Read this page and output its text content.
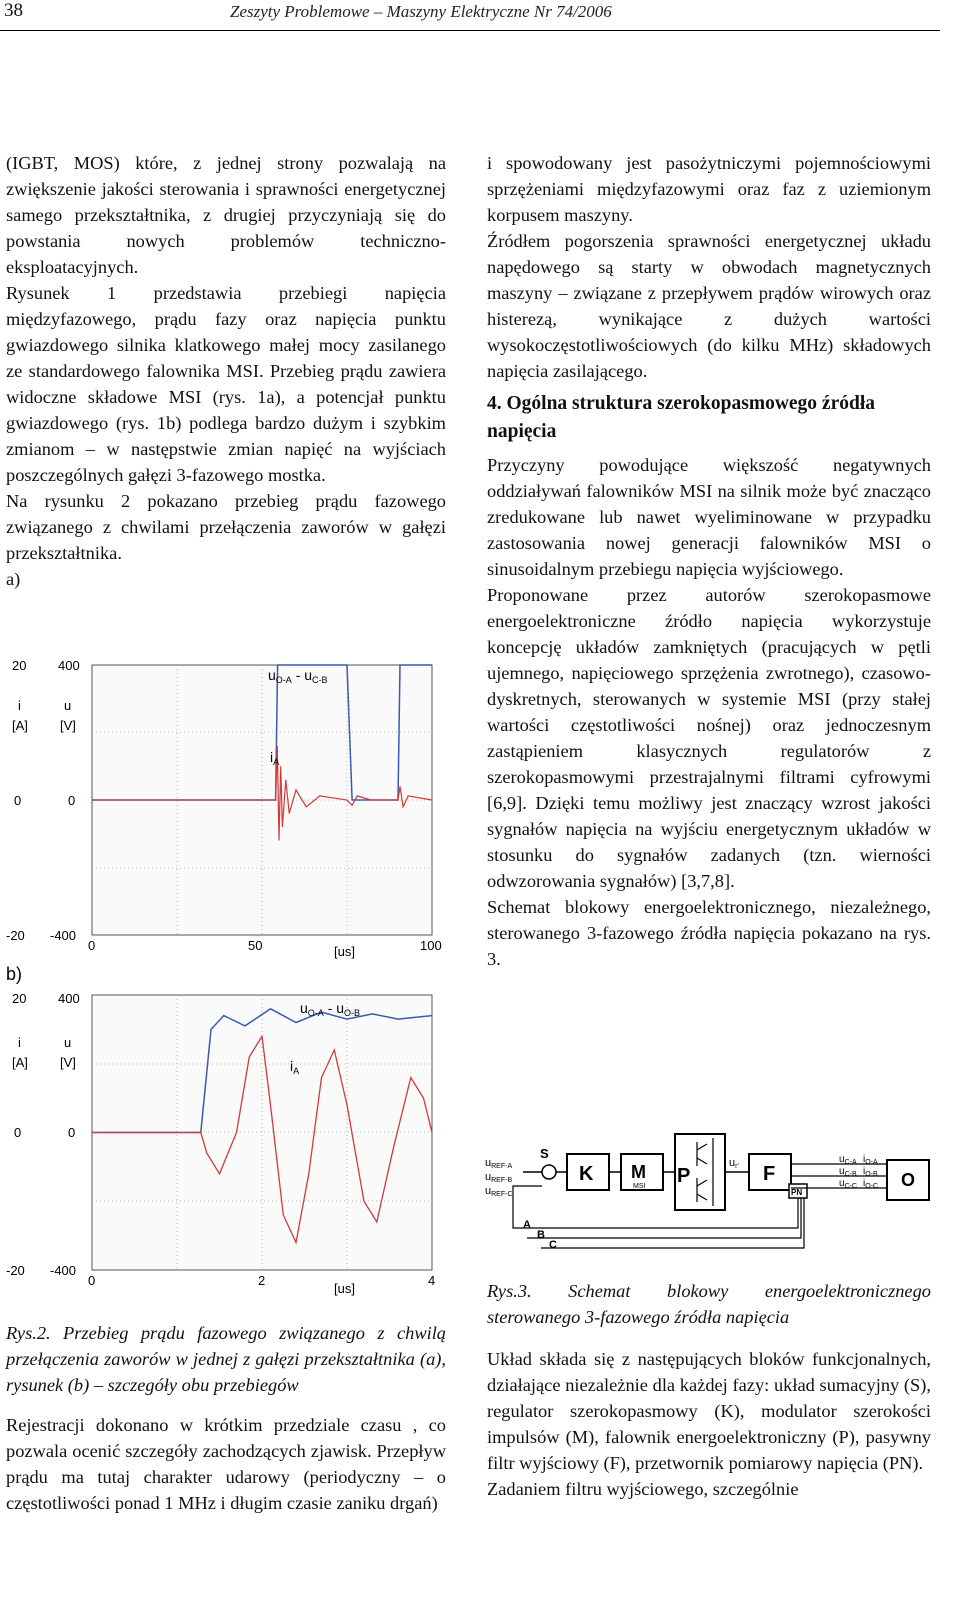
38	Zeszyty Problemowe – Maszyny Elektryczne Nr 74/2006

(IGBT, MOS) które, z jednej strony pozwalają na zwiększenie jakości sterowania i sprawności energetycznej samego przekształtnika, z drugiej przyczyniają się do powstania nowych problemów techniczno-eksploatacyjnych.

Rysunek 1 przedstawia przebiegi napięcia międzyfazowego, prądu fazy oraz napięcia punktu gwiazdowego silnika klatkowego małej mocy zasilanego ze standardowego falownika MSI. Przebieg prądu zawiera widoczne składowe MSI (rys. 1a), a potencjał punktu gwiazdowego (rys. 1b) podlega bardzo dużym i szybkim zmianom – w następstwie zmian napięć na wyjściach poszczególnych gałęzi 3-fazowego mostka.

Na rysunku 2 pokazano przebieg prądu fazowego związanego z chwilami przełączenia zaworów w gałęzi przekształtnika.

a)

20
0
-20
400
0
-400
i
[A]
u
[V]
0	50	100
[us]
$u_{O-A} - u_{C-B}$
$i_A$
b)
20
0
-20
400
0
-400
i
[A]
u
[V]
0	2	4
[us]
$u_{O-A} - u_{O-B}$
$i_A$

Rys.2. Przebieg prądu fazowego związanego z chwilą przełączenia zaworów w jednej z gałęzi przekształtnika (a), rysunek (b) – szczegóły obu przebiegów

Rejestracji dokonano w krótkim przedziale czasu , co pozwala ocenić szczegóły zachodzących zjawisk. Przepływ prądu ma tutaj charakter udarowy (periodyczny – o częstotliwości ponad 1 MHz i długim czasie zaniku drgań)

i spowodowany jest pasożytniczymi pojemnościowymi sprzężeniami międzyfazowymi oraz faz z uziemionym korpusem maszyny.

Źródłem pogorszenia sprawności energetycznej układu napędowego są starty w obwodach magnetycznych maszyny – związane z przepływem prądów wirowych oraz histerezą, wynikające z dużych wartości wysokoczęstotliwościowych (do kilku MHz) składowych napięcia zasilającego.

4. Ogólna struktura szerokopasmowego źródła napięcia

Przyczyny powodujące większość negatywnych oddziaływań falowników MSI na silnik może być znacząco zredukowane lub nawet wyeliminowane w przypadku zastosowania nowej generacji falowników MSI o sinusoidalnym przebiegu napięcia wyjściowego.

Proponowane przez autorów szerokopasmowe energoelektroniczne źródło napięcia wykorzystuje koncepcję układów zamkniętych (pracujących w pętli ujemnego, napięciowego sprzężenia zwrotnego), czasowo-dyskretnych, sterowanych w systemie MSI (przy stałej wartości częstotliwości nośnej) oraz jednoczesnym zastąpieniem klasycznych regulatorów z szerokopasmowymi przestrajalnymi filtrami cyfrowymi [6,9]. Dzięki temu możliwy jest znaczący wzrost jakości sygnałów napięcia na wyjściu energetycznym układów w stosunku do sygnałów zadanych (tzn. wierności odwzorowania sygnałów) [3,7,8].

Schemat blokowy energoelektronicznego, niezależnego, sterowanego 3-fazowego źródła napięcia pokazano na rys. 3.

uREF-A
uREF-B
uREF-C
S
K M
MSI P
ur' F
PN
$u_{C-A}$
$u_{C-B}$
$u_{C-C}$
$i_{O-A}$
$i_{O-B}$
$i_{O-C}$ O
A
B
C

Rys.3. Schemat blokowy energoelektronicznego sterowanego 3-fazowego źródła napięcia

Układ składa się z następujących bloków funkcjonalnych, działające niezależnie dla każdej fazy: układ sumacyjny (S), regulator szerokopasmowy (K), modulator szerokości impulsów (M), falownik energoelektroniczny (P), pasywny filtr wyjściowy (F), przetwornik pomiarowy napięcia (PN).

Zadaniem filtru wyjściowego, szczególnie
